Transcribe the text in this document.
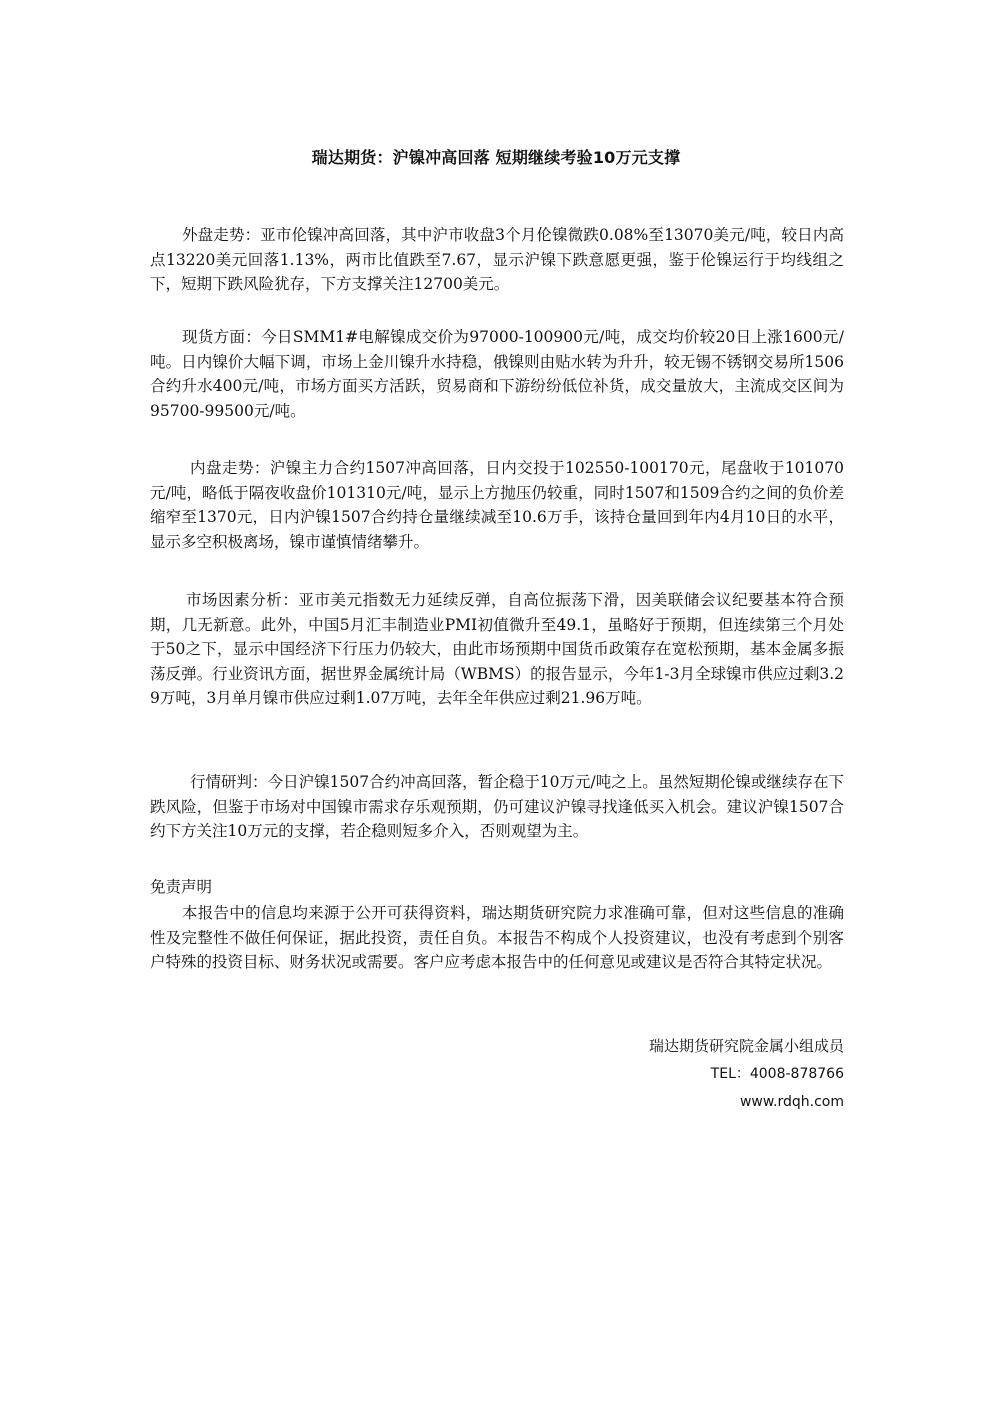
瑞达期货：沪镍冲高回落 短期继续考验10万元支撑

外盘走势：亚市伦镍冲高回落，其中沪市收盘3个月伦镍微跌0.08%至13070美元/吨，较日内高点13220美元回落1.13%，两市比值跌至7.67，显示沪镍下跌意愿更强，鉴于伦镍运行于均线组之下，短期下跌风险犹存，下方支撑关注12700美元。

现货方面：今日SMM1#电解镍成交价为97000-100900元/吨，成交均价较20日上涨1600元/吨。日内镍价大幅下调，市场上金川镍升水持稳，俄镍则由贴水转为升升，较无锡不锈钢交易所1506合约升水400元/吨，市场方面买方活跃，贸易商和下游纷纷低位补货，成交量放大，主流成交区间为95700-99500元/吨。

内盘走势：沪镍主力合约1507冲高回落，日内交投于102550-100170元，尾盘收于101070元/吨，略低于隔夜收盘价101310元/吨，显示上方抛压仍较重，同时1507和1509合约之间的负价差缩窄至1370元，日内沪镍1507合约持仓量继续减至10.6万手，该持仓量回到年内4月10日的水平，显示多空积极离场，镍市谨慎情绪攀升。

市场因素分析：亚市美元指数无力延续反弹，自高位振荡下滑，因美联储会议纪要基本符合预期，几无新意。此外，中国5月汇丰制造业PMI初值微升至49.1，虽略好于预期，但连续第三个月处于50之下，显示中国经济下行压力仍较大，由此市场预期中国货币政策存在宽松预期，基本金属多振荡反弹。行业资讯方面，据世界金属统计局（WBMS）的报告显示，今年1-3月全球镍市供应过剩3.29万吨，3月单月镍市供应过剩1.07万吨，去年全年供应过剩21.96万吨。

行情研判：今日沪镍1507合约冲高回落，暂企稳于10万元/吨之上。虽然短期伦镍或继续存在下跌风险，但鉴于市场对中国镍市需求存乐观预期，仍可建议沪镍寻找逢低买入机会。建议沪镍1507合约下方关注10万元的支撑，若企稳则短多介入，否则观望为主。

免责声明

本报告中的信息均来源于公开可获得资料，瑞达期货研究院力求准确可靠，但对这些信息的准确性及完整性不做任何保证，据此投资，责任自负。本报告不构成个人投资建议，也没有考虑到个别客户特殊的投资目标、财务状况或需要。客户应考虑本报告中的任何意见或建议是否符合其特定状况。

瑞达期货研究院金属小组成员
TEL：4008-878766
www.rdqh.com
